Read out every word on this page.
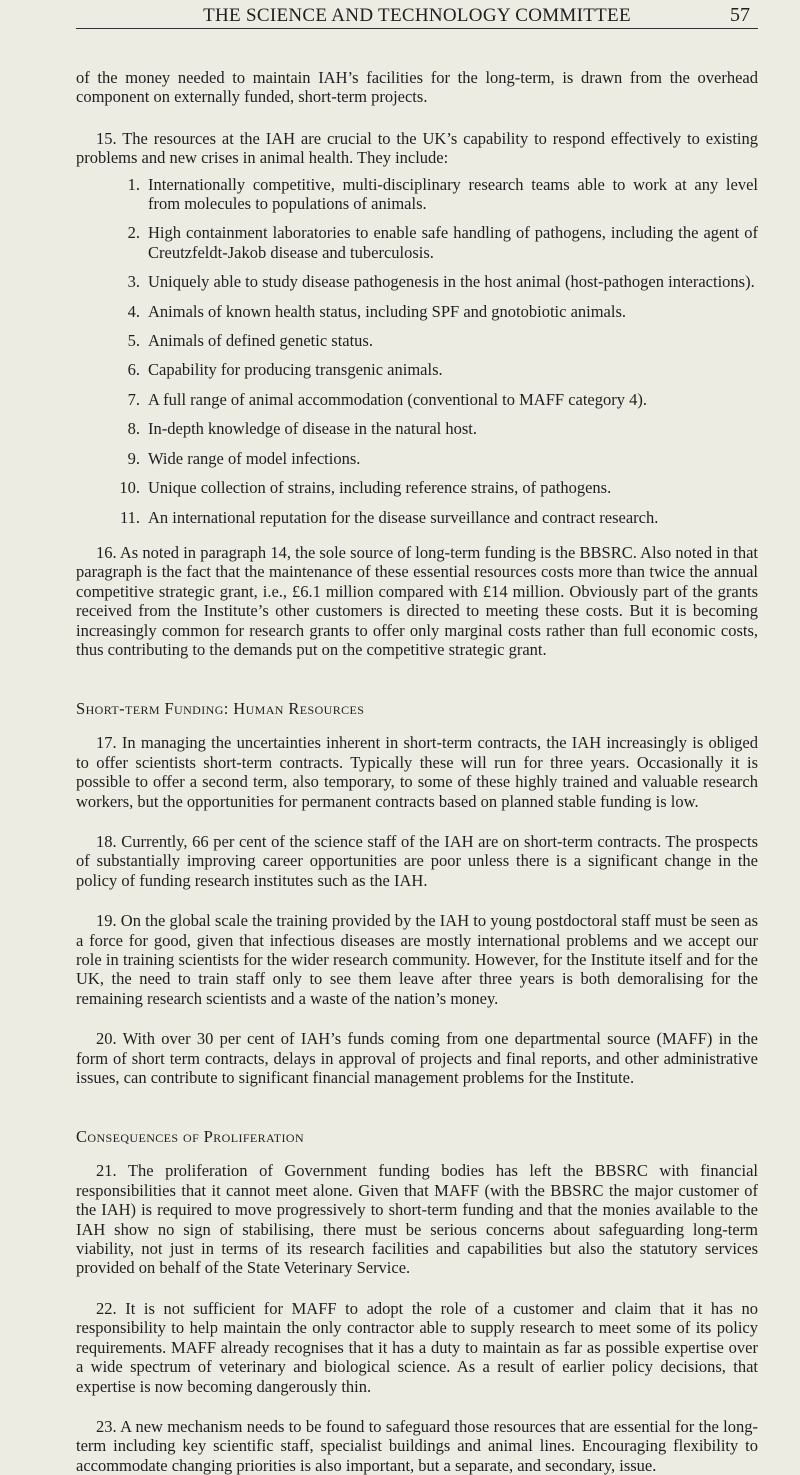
THE SCIENCE AND TECHNOLOGY COMMITTEE	57

of the money needed to maintain IAH’s facilities for the long-term, is drawn from the overhead component on externally funded, short-term projects.

15. The resources at the IAH are crucial to the UK’s capability to respond effectively to existing problems and new crises in animal health. They include:

1. Internationally competitive, multi-disciplinary research teams able to work at any level from molecules to populations of animals.
2. High containment laboratories to enable safe handling of pathogens, including the agent of Creutzfeldt-Jakob disease and tuberculosis.
3. Uniquely able to study disease pathogenesis in the host animal (host-pathogen interactions).
4. Animals of known health status, including SPF and gnotobiotic animals.
5. Animals of defined genetic status.
6. Capability for producing transgenic animals.
7. A full range of animal accommodation (conventional to MAFF category 4).
8. In-depth knowledge of disease in the natural host.
9. Wide range of model infections.
10. Unique collection of strains, including reference strains, of pathogens.
11. An international reputation for the disease surveillance and contract research.

16. As noted in paragraph 14, the sole source of long-term funding is the BBSRC. Also noted in that paragraph is the fact that the maintenance of these essential resources costs more than twice the annual competitive strategic grant, i.e., £6.1 million compared with £14 million. Obviously part of the grants received from the Institute’s other customers is directed to meeting these costs. But it is becoming increasingly common for research grants to offer only marginal costs rather than full economic costs, thus contributing to the demands put on the competitive strategic grant.

Short-term Funding: Human Resources

17. In managing the uncertainties inherent in short-term contracts, the IAH increasingly is obliged to offer scientists short-term contracts. Typically these will run for three years. Occasionally it is possible to offer a second term, also temporary, to some of these highly trained and valuable research workers, but the opportunities for permanent contracts based on planned stable funding is low.

18. Currently, 66 per cent of the science staff of the IAH are on short-term contracts. The prospects of substantially improving career opportunities are poor unless there is a significant change in the policy of funding research institutes such as the IAH.

19. On the global scale the training provided by the IAH to young postdoctoral staff must be seen as a force for good, given that infectious diseases are mostly international problems and we accept our role in training scientists for the wider research community. However, for the Institute itself and for the UK, the need to train staff only to see them leave after three years is both demoralising for the remaining research scientists and a waste of the nation’s money.

20. With over 30 per cent of IAH’s funds coming from one departmental source (MAFF) in the form of short term contracts, delays in approval of projects and final reports, and other administrative issues, can contribute to significant financial management problems for the Institute.

Consequences of Proliferation

21. The proliferation of Government funding bodies has left the BBSRC with financial responsibilities that it cannot meet alone. Given that MAFF (with the BBSRC the major customer of the IAH) is required to move progressively to short-term funding and that the monies available to the IAH show no sign of stabilising, there must be serious concerns about safeguarding long-term viability, not just in terms of its research facilities and capabilities but also the statutory services provided on behalf of the State Veterinary Service.

22. It is not sufficient for MAFF to adopt the role of a customer and claim that it has no responsibility to help maintain the only contractor able to supply research to meet some of its policy requirements. MAFF already recognises that it has a duty to maintain as far as possible expertise over a wide spectrum of veterinary and biological science. As a result of earlier policy decisions, that expertise is now becoming dangerously thin.

23. A new mechanism needs to be found to safeguard those resources that are essential for the long-term including key scientific staff, specialist buildings and animal lines. Encouraging flexibility to accommodate changing priorities is also important, but a separate, and secondary, issue.
